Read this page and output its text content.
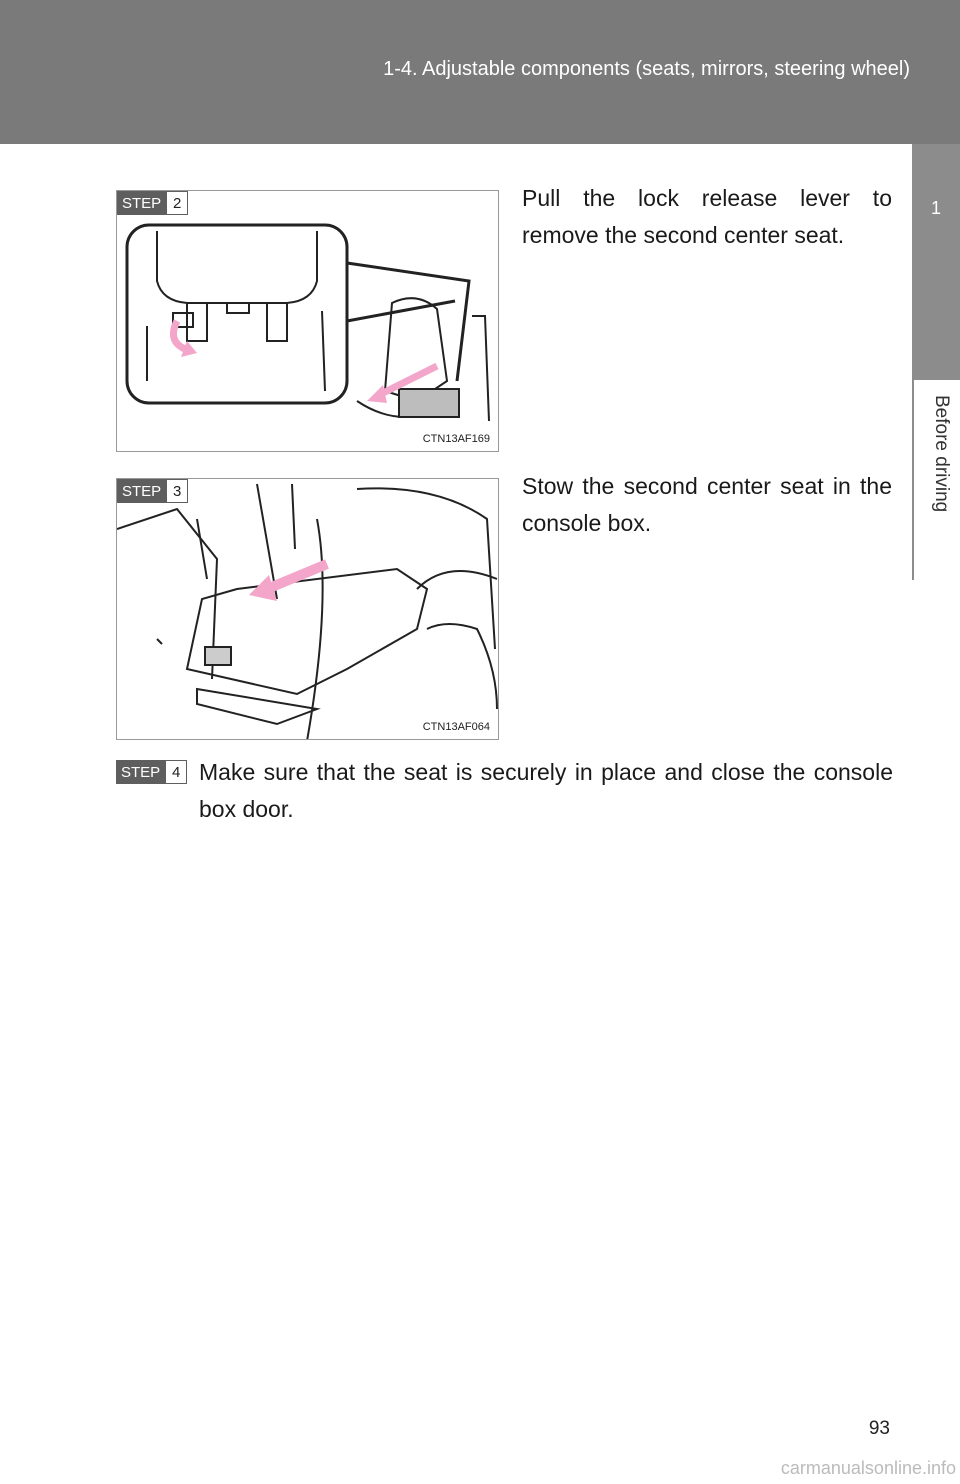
1-4. Adjustable components (seats, mirrors, steering wheel)
1
Before driving
STEP 2
CTN13AF169
Pull the lock release lever to remove the second center seat.
STEP 3
CTN13AF064
Stow the second center seat in the console box.
STEP 4 Make sure that the seat is securely in place and close the console box door.
93
carmanualsonline.info
